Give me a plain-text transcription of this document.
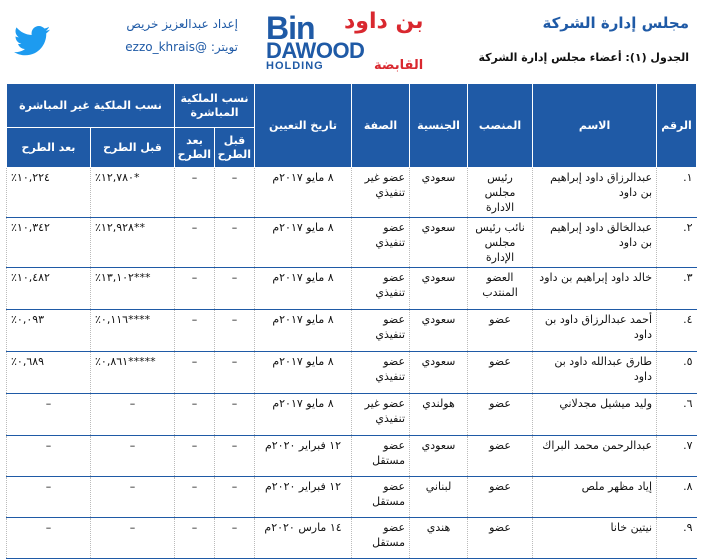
مجلس إدارة الشركة
الجدول (١): أعضاء مجلس إدارة الشركة
Bin بن داود
DAWOOD
HOLDING	القابضة
إعداد عبدالعزيز خريص
تويتر: @ezzo_khrais
الرقم	الاسم	المنصب	الجنسية	الصفة	تاريخ التعيين	نسب الملكية المباشرة		نسب الملكية غير المباشرة	
						قبل الطرح	بعد الطرح	قبل الطرح	بعد الطرح
١.	عبدالرزاق داود إبراهيم بن داود	رئيس مجلس الادارة	سعودي	عضو غير تنفيذي	٨ مايو ٢٠١٧م	–	–	٪١٢,٧٨٠*	٪١٠,٢٢٤
٢.	عبدالخالق داود إبراهيم بن داود	نائب رئيس مجلس الإدارة	سعودي	عضو تنفيذي	٨ مايو ٢٠١٧م	–	–	٪١٢,٩٢٨**	٪١٠,٣٤٢
٣.	خالد داود إبراهيم بن داود	العضو المنتدب	سعودي	عضو تنفيذي	٨ مايو ٢٠١٧م	–	–	٪١٣,١٠٢***	٪١٠,٤٨٢
٤.	أحمد عبدالرزاق داود بن داود	عضو	سعودي	عضو تنفيذي	٨ مايو ٢٠١٧م	–	–	٪٠,١١٦****	٪٠,٠٩٣
٥.	طارق عبدالله داود بن داود	عضو	سعودي	عضو تنفيذي	٨ مايو ٢٠١٧م	–	–	٪٠,٨٦١*****	٪٠,٦٨٩
٦.	وليد ميشيل مجدلاني	عضو	هولندي	عضو غير تنفيذي	٨ مايو ٢٠١٧م	–	–	–	–
٧.	عبدالرحمن محمد البراك	عضو	سعودي	عضو مستقل	١٢ فبراير ٢٠٢٠م	–	–	–	–
٨.	إياد مظهر ملص	عضو	لبناني	عضو مستقل	١٢ فبراير ٢٠٢٠م	–	–	–	–
٩.	نيتين خانا	عضو	هندي	عضو مستقل	١٤ مارس ٢٠٢٠م	–	–	–	–
